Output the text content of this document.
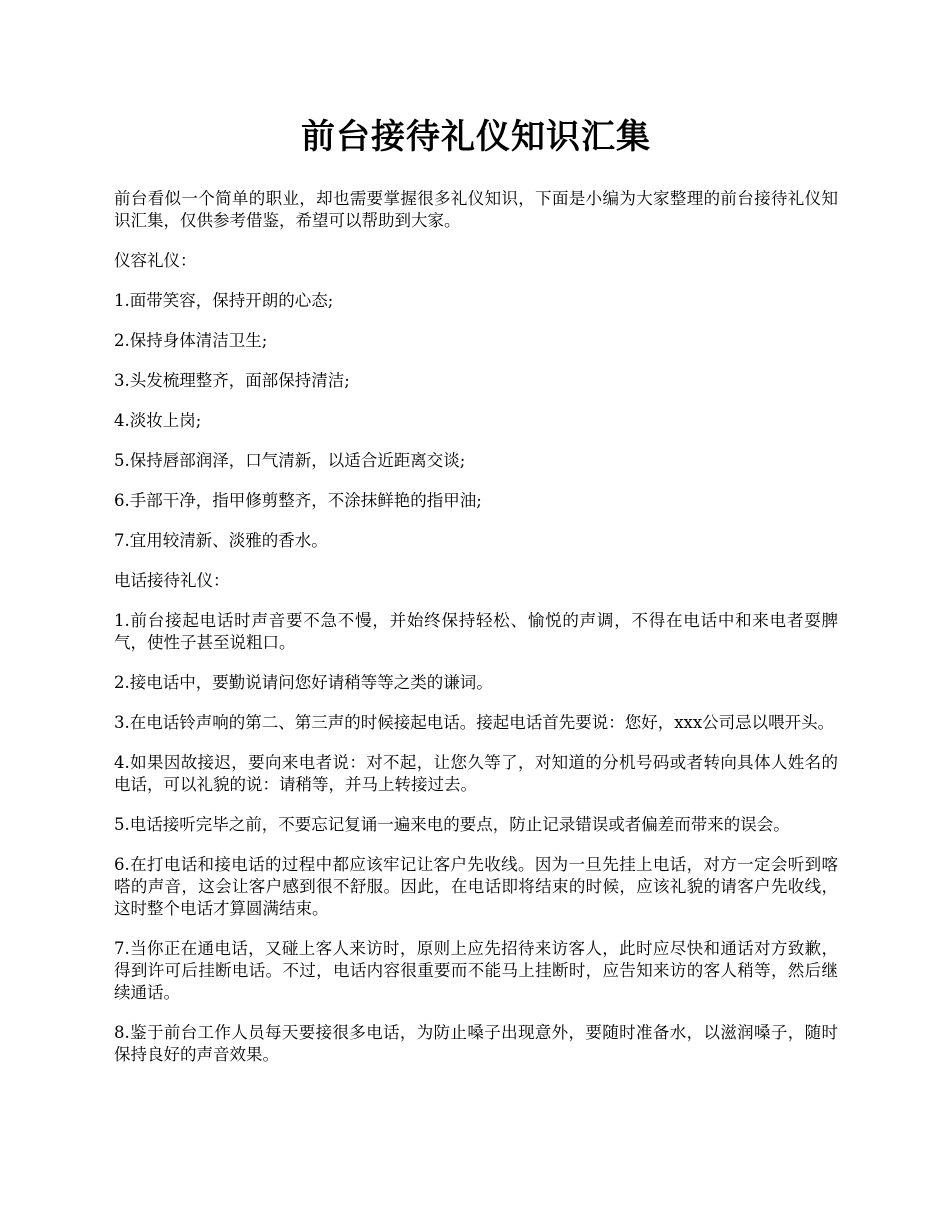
前台接待礼仪知识汇集

前台看似一个简单的职业，却也需要掌握很多礼仪知识，下面是小编为大家整理的前台接待礼仪知识汇集，仅供参考借鉴，希望可以帮助到大家。

仪容礼仪：

1.面带笑容，保持开朗的心态;

2.保持身体清洁卫生;

3.头发梳理整齐，面部保持清洁;

4.淡妆上岗;

5.保持唇部润泽，口气清新，以适合近距离交谈;

6.手部干净，指甲修剪整齐，不涂抹鲜艳的指甲油;

7.宜用较清新、淡雅的香水。

电话接待礼仪：

1.前台接起电话时声音要不急不慢，并始终保持轻松、愉悦的声调，不得在电话中和来电者耍脾气，使性子甚至说粗口。

2.接电话中，要勤说请问您好请稍等等之类的谦词。

3.在电话铃声响的第二、第三声的时候接起电话。接起电话首先要说：您好，xxx公司忌以喂开头。

4.如果因故接迟，要向来电者说：对不起，让您久等了，对知道的分机号码或者转向具体人姓名的电话，可以礼貌的说：请稍等，并马上转接过去。

5.电话接听完毕之前，不要忘记复诵一遍来电的要点，防止记录错误或者偏差而带来的误会。

6.在打电话和接电话的过程中都应该牢记让客户先收线。因为一旦先挂上电话，对方一定会听到喀嗒的声音，这会让客户感到很不舒服。因此，在电话即将结束的时候，应该礼貌的请客户先收线，这时整个电话才算圆满结束。

7.当你正在通电话，又碰上客人来访时，原则上应先招待来访客人，此时应尽快和通话对方致歉，得到许可后挂断电话。不过，电话内容很重要而不能马上挂断时，应告知来访的客人稍等，然后继续通话。

8.鉴于前台工作人员每天要接很多电话，为防止嗓子出现意外，要随时准备水，以滋润嗓子，随时保持良好的声音效果。
